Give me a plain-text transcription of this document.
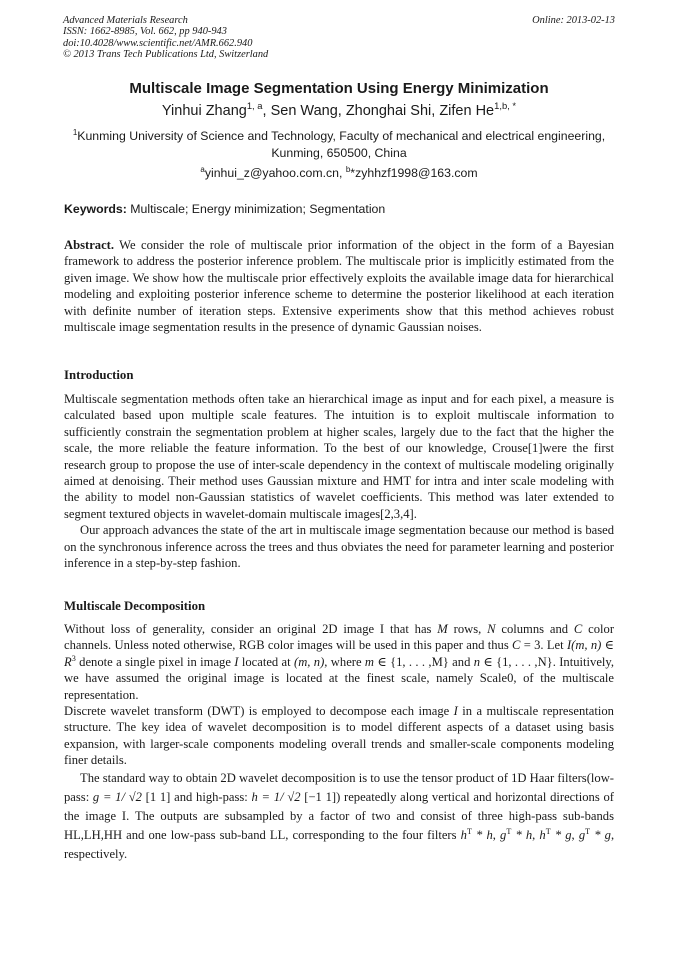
Advanced Materials Research
ISSN: 1662-8985, Vol. 662, pp 940-943
doi:10.4028/www.scientific.net/AMR.662.940
© 2013 Trans Tech Publications Ltd, Switzerland
Online: 2013-02-13
Multiscale Image Segmentation Using Energy Minimization
Yinhui Zhang$^{1, a}$, Sen Wang, Zhonghai Shi, Zifen $He^{1,b, *}$
$^1$Kunming University of Science and Technology, Faculty of mechanical and electrical engineering,
Kunming, 650500, China
$^a$yinhui_z@yahoo.com.cn, $^b$*zyhhzf1998@163.com
Keywords: Multiscale; Energy minimization; Segmentation

Abstract. We consider the role of multiscale prior information of the object in the form of a Bayesian framework to address the posterior inference problem. The multiscale prior is implicitly estimated from the given image. We show how the multiscale prior effectively exploits the available image data for hierarchical modeling and exploiting posterior inference scheme to determine the posterior likelihood at each iteration with definite number of iteration steps. Extensive experiments show that this method achieves robust multiscale image segmentation results in the presence of dynamic Gaussian noises.

Introduction

Multiscale segmentation methods often take an hierarchical image as input and for each pixel, a measure is calculated based upon multiple scale features. The intuition is to exploit multiscale information to sufficiently constrain the segmentation problem at higher scales, largely due to the fact that the higher the scale, the more reliable the feature information. To the best of our knowledge, Crouse[1]were the first research group to propose the use of inter-scale dependency in the context of multiscale modeling originally aimed at denoising. Their method uses Gaussian mixture and HMT for intra and inter scale modeling with the ability to model non-Gaussian statistics of wavelet coefficients. This method was later extended to segment textured objects in wavelet-domain multiscale images[2,3,4].

Our approach advances the state of the art in multiscale image segmentation because our method is based on the synchronous inference across the trees and thus obviates the need for parameter learning and posterior inference in a step-by-step fashion.

Multiscale Decomposition

Without loss of generality, consider an original 2D image I that has M rows, N columns and C color channels. Unless noted otherwise, RGB color images will be used in this paper and thus C = 3. Let I(m, n) ∈ $R^3$ denote a single pixel in image I located at (m, n), where m ∈ {1, . . . ,M} and n ∈ {1, . . . ,N}. Intuitively, we have assumed the original image is located at the finest scale, namely Scale0, of the multiscale representation.

Discrete wavelet transform (DWT) is employed to decompose each image I in a multiscale representation structure. The key idea of wavelet decomposition is to model different aspects of a dataset using basis expansion, with larger-scale components modeling overall trends and smaller-scale components modeling finer details.

The standard way to obtain 2D wavelet decomposition is to use the tensor product of 1D Haar filters(low-pass: g = 1/ √2 [1 1] and high-pass: h = 1/ √2 [−1 1]) repeatedly along vertical and horizontal directions of the image I. The outputs are subsampled by a factor of two and consist of three high-pass sub-bands HL,LH,HH and one low-pass sub-band LL, corresponding to the four filters $h^T$ * h, $g^T$ * h, $h^T$ * g, $g^T$ * g, respectively.
